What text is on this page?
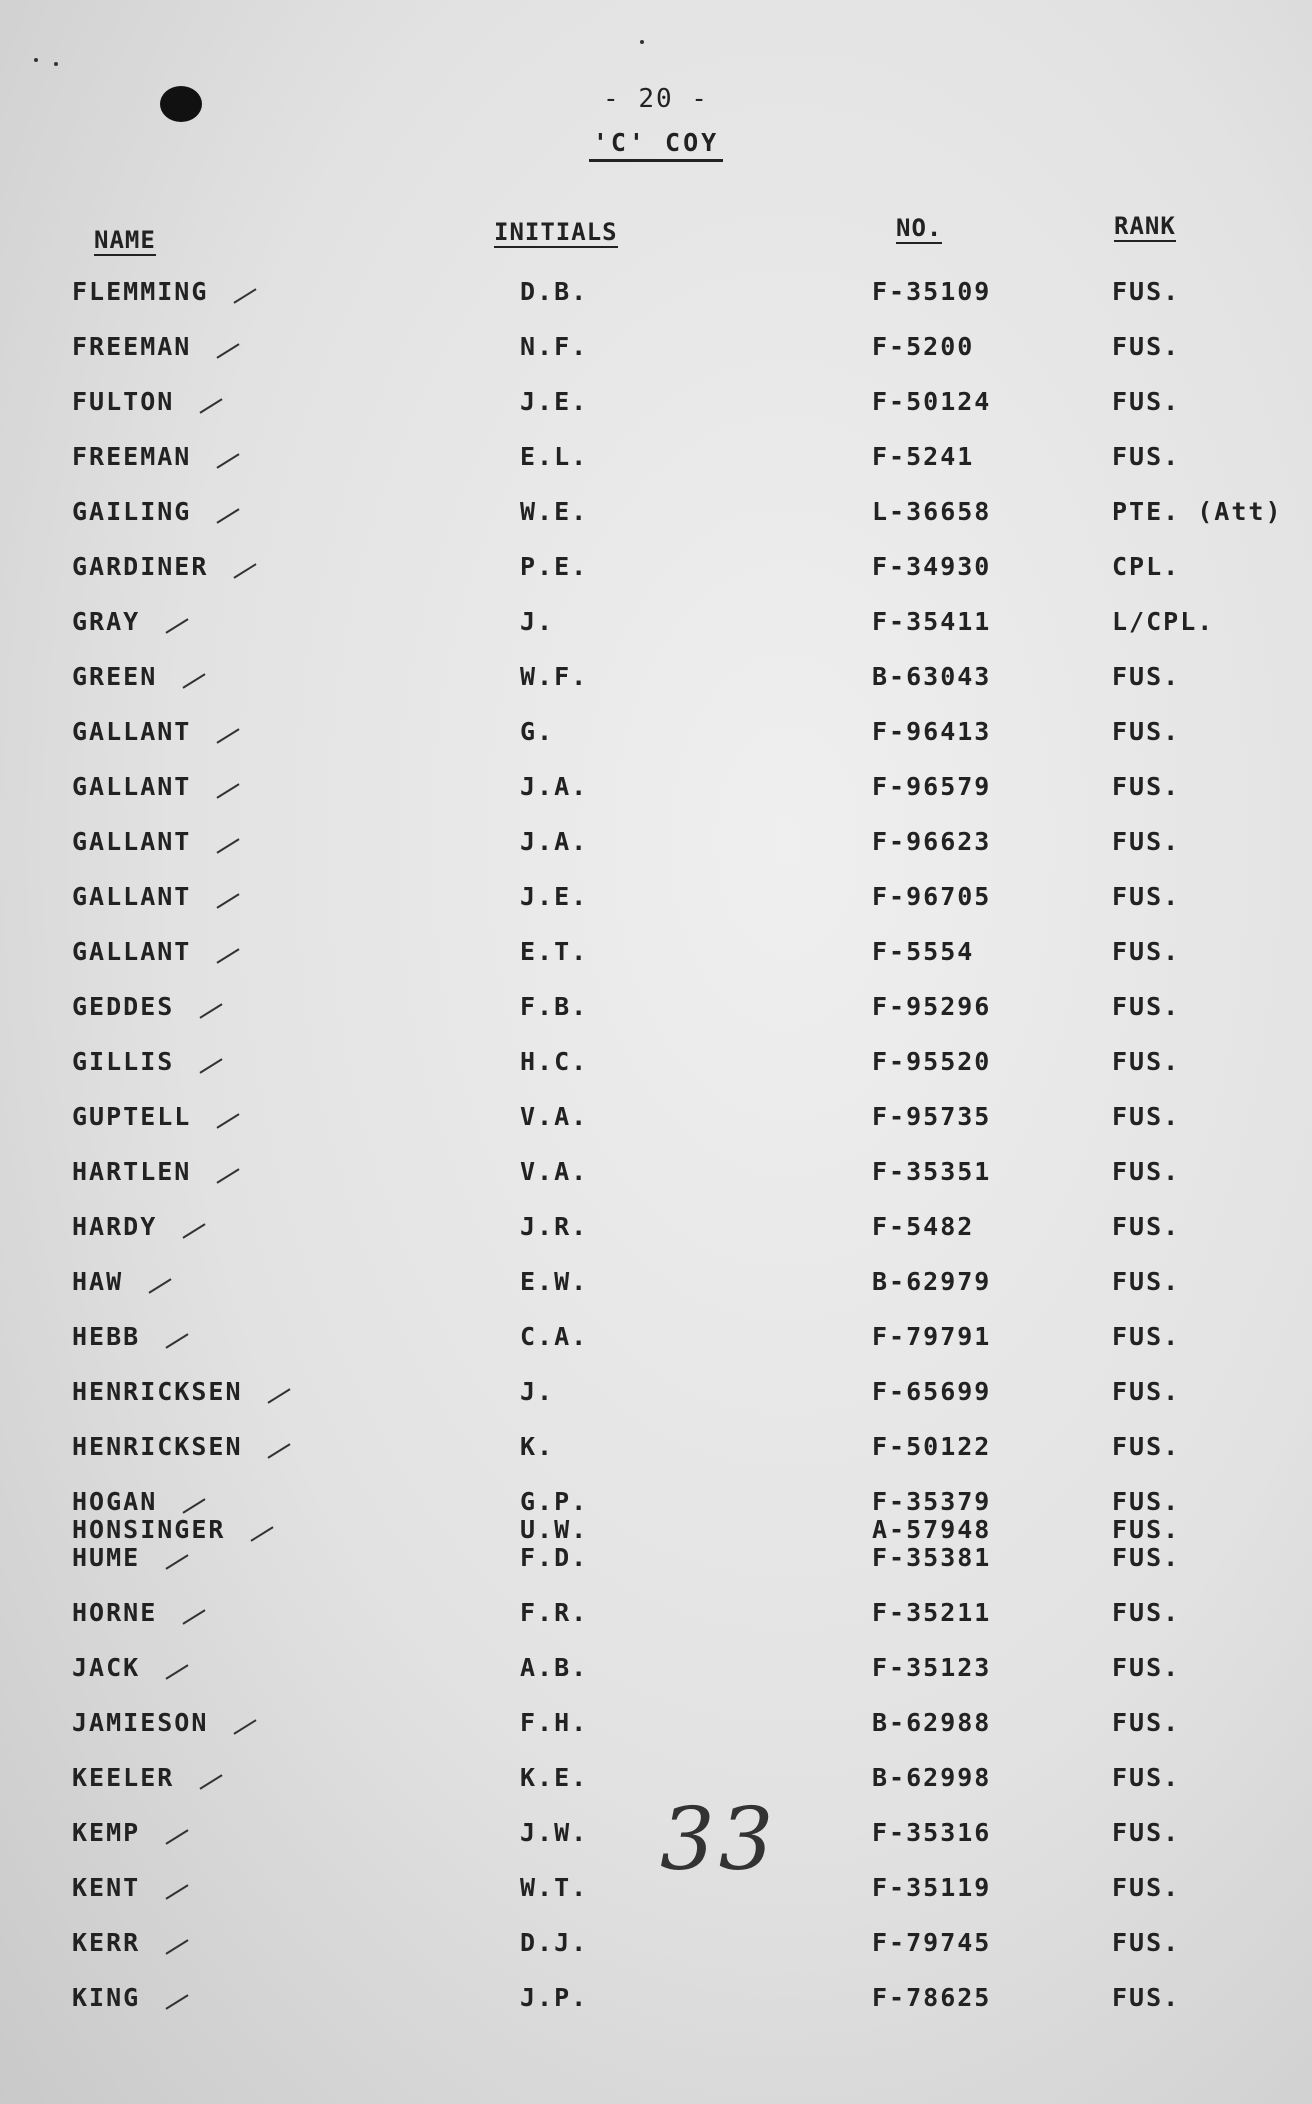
- 20 -
'C' COY
NAME	INITIALS	NO.	RANK
FLEMMING	D.B.	F-35109	FUS.
FREEMAN	N.F.	F-5200	FUS.
FULTON	J.E.	F-50124	FUS.
FREEMAN	E.L.	F-5241	FUS.
GAILING	W.E.	L-36658	PTE. (Att)
GARDINER	P.E.	F-34930	CPL.
GRAY	J.	F-35411	L/CPL.
GREEN	W.F.	B-63043	FUS.
GALLANT	G.	F-96413	FUS.
GALLANT	J.A.	F-96579	FUS.
GALLANT	J.A.	F-96623	FUS.
GALLANT	J.E.	F-96705	FUS.
GALLANT	E.T.	F-5554	FUS.
GEDDES	F.B.	F-95296	FUS.
GILLIS	H.C.	F-95520	FUS.
GUPTELL	V.A.	F-95735	FUS.
HARTLEN	V.A.	F-35351	FUS.
HARDY	J.R.	F-5482	FUS.
HAW	E.W.	B-62979	FUS.
HEBB	C.A.	F-79791	FUS.
HENRICKSEN	J.	F-65699	FUS.
HENRICKSEN	K.	F-50122	FUS.
HOGAN	G.P.	F-35379	FUS.
HONSINGER	U.W.	A-57948	FUS.
HUME	F.D.	F-35381	FUS.
HORNE	F.R.	F-35211	FUS.
JACK	A.B.	F-35123	FUS.
JAMIESON	F.H.	B-62988	FUS.
KEELER	K.E.	B-62998	FUS.
KEMP	J.W.	F-35316	FUS.
KENT	W.T.	F-35119	FUS.
KERR	D.J.	F-79745	FUS.
KING	J.P.	F-78625	FUS.
33
